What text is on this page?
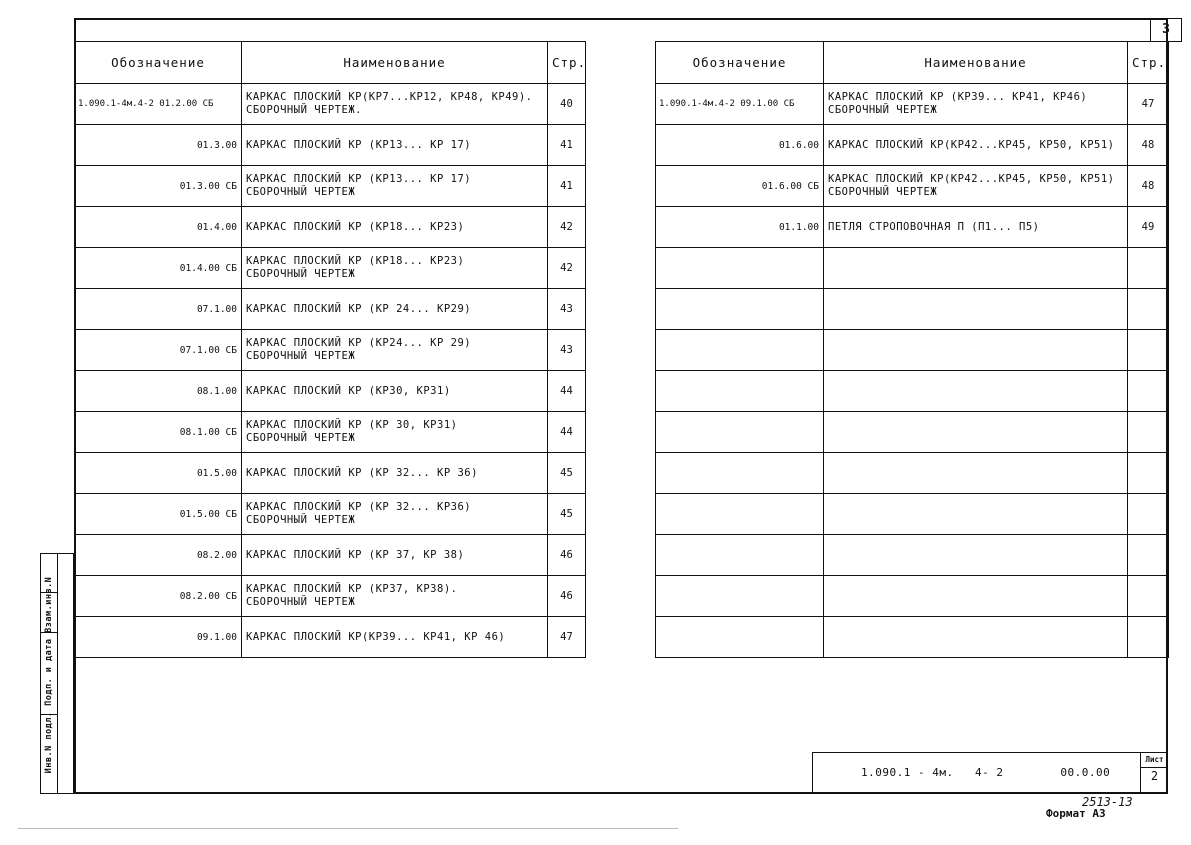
3
Инв.N подл. Подп. и дата Взам.инв.N
Обозначение	Наименование	Стр.
1.090.1-4м.4-2 01.2.00 СБ	КАРКАС ПЛОСКИЙ КР(КР7...КР12, КР48, КР49).
СБОРОЧНЫЙ ЧЕРТЕЖ.	40
01.3.00	КАРКАС ПЛОСКИЙ КР (КР13... КР 17)	41
01.3.00 СБ	КАРКАС ПЛОСКИЙ КР (КР13... КР 17)
СБОРОЧНЫЙ ЧЕРТЕЖ	41
01.4.00	КАРКАС ПЛОСКИЙ КР (КР18... КР23)	42
01.4.00 СБ	КАРКАС ПЛОСКИЙ КР (КР18... КР23)
СБОРОЧНЫЙ ЧЕРТЕЖ	42
07.1.00	КАРКАС ПЛОСКИЙ КР (КР 24... КР29)	43
07.1.00 СБ	КАРКАС ПЛОСКИЙ КР (КР24... КР 29)
СБОРОЧНЫЙ ЧЕРТЕЖ	43
08.1.00	КАРКАС ПЛОСКИЙ КР (КР30, КР31)	44
08.1.00 СБ	КАРКАС ПЛОСКИЙ КР (КР 30, КР31)
СБОРОЧНЫЙ ЧЕРТЕЖ	44
01.5.00	КАРКАС ПЛОСКИЙ КР (КР 32... КР 36)	45
01.5.00 СБ	КАРКАС ПЛОСКИЙ КР (КР 32... КР36)
СБОРОЧНЫЙ ЧЕРТЕЖ	45
08.2.00	КАРКАС ПЛОСКИЙ КР (КР 37, КР 38)	46
08.2.00 СБ	КАРКАС ПЛОСКИЙ КР (КР37, КР38).
СБОРОЧНЫЙ ЧЕРТЕЖ	46
09.1.00	КАРКАС ПЛОСКИЙ КР(КР39... КР41, КР 46)	47
Обозначение	Наименование	Стр.
1.090.1-4м.4-2 09.1.00 СБ	КАРКАС ПЛОСКИЙ КР (КР39... КР41, КР46)
СБОРОЧНЫЙ ЧЕРТЕЖ	47
01.6.00	КАРКАС ПЛОСКИЙ КР(КР42...КР45, КР50, КР51)	48
01.6.00 СБ	КАРКАС ПЛОСКИЙ КР(КР42...КР45, КР50, КР51)
СБОРОЧНЫЙ ЧЕРТЕЖ	48
01.1.00	ПЕТЛЯ СТРОПОВОЧНАЯ П (П1... П5)	49

1.090.1 - 4м.   4- 2        00.0.00
Лист
2
2513-13
Формат А3
